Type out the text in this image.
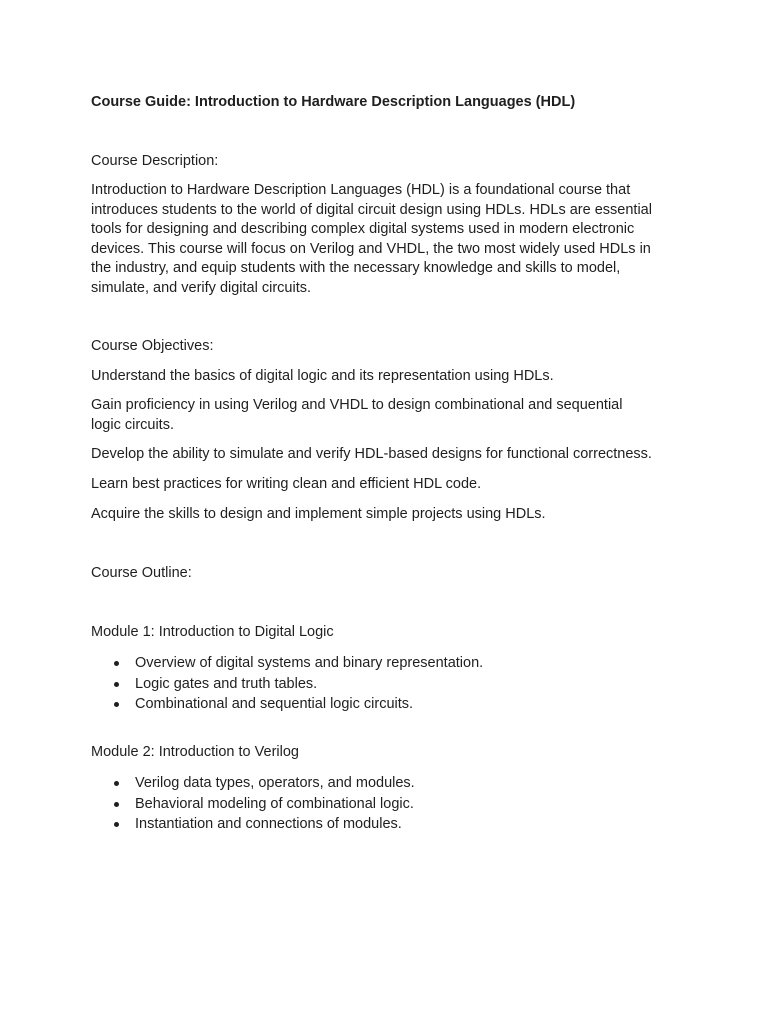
Course Guide: Introduction to Hardware Description Languages (HDL)
Course Description:
Introduction to Hardware Description Languages (HDL) is a foundational course that
introduces students to the world of digital circuit design using HDLs. HDLs are essential
tools for designing and describing complex digital systems used in modern electronic
devices. This course will focus on Verilog and VHDL, the two most widely used HDLs in
the industry, and equip students with the necessary knowledge and skills to model,
simulate, and verify digital circuits.
Course Objectives:
Understand the basics of digital logic and its representation using HDLs.
Gain proficiency in using Verilog and VHDL to design combinational and sequential
logic circuits.
Develop the ability to simulate and verify HDL-based designs for functional correctness.
Learn best practices for writing clean and efficient HDL code.
Acquire the skills to design and implement simple projects using HDLs.
Course Outline:
Module 1: Introduction to Digital Logic
Overview of digital systems and binary representation.
Logic gates and truth tables.
Combinational and sequential logic circuits.
Module 2: Introduction to Verilog
Verilog data types, operators, and modules.
Behavioral modeling of combinational logic.
Instantiation and connections of modules.
